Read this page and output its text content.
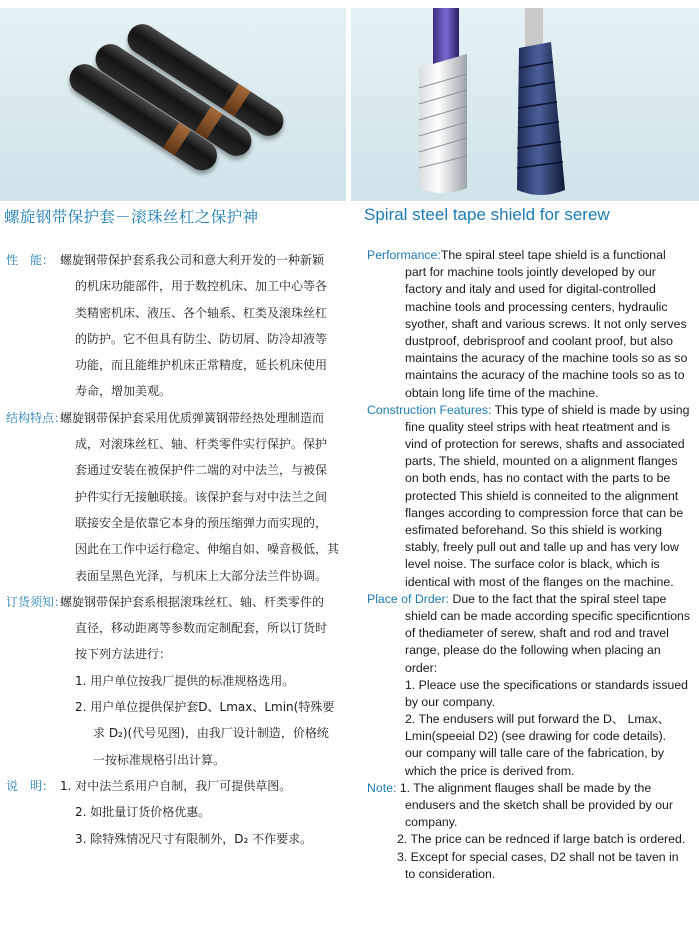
螺旋钢带保护套－滚珠丝杠之保护神	Spiral steel tape shield for serew
性　能： 螺旋钢带保护套系我公司和意大利开发的一种新颖
的机床功能部件，用于数控机床、加工中心等各
类精密机床、液压、各个轴系、杠类及滚珠丝杠
的防护。它不但具有防尘、防切屑、防冷却液等
功能，而且能维护机床正常精度，延长机床使用
寿命，增加美观。
结构特点：
螺旋钢带保护套采用优质弹簧钢带经热处理制造而
成，对滚珠丝杠、轴、杆类零件实行保护。保护
套通过安装在被保护件二端的对中法兰，与被保
护件实行无接触联接。该保护套与对中法兰之间
联接安全是依靠它本身的预压缩弹力而实现的，
因此在工作中运行稳定、伸缩自如、噪音极低，其
表面呈黑色光泽，与机床上大部分法兰件协调。
订货须知：
螺旋钢带保护套系根据滚珠丝杠、轴、杆类零件的
直径，移动距离等参数而定制配套，所以订货时
按下列方法进行：
1. 用户单位按我厂提供的标准规格选用。
2. 用户单位提供保护套D、Lmax、Lmin(特殊要
求 D₂)(代号见图)，由我厂设计制造，价格统
一按标准规格引出计算。
说　明： 1. 对中法兰系用户自制，我厂可提供草图。
2. 如批量订货价格优惠。
3. 除特殊情况尺寸有限制外，D₂ 不作要求。
Performance:The spiral steel tape shield is a functional
part for machine tools jointly developed by our
factory and italy and used for digital-controlled
machine tools and processing centers, hydraulic
syother, shaft and various screws. It not only serves
dustproof, debrisproof and coolant proof, but also
maintains the acuracy of the machine tools so as so
maintains the acuracy of the machine tools so as to
obtain long life time of the machine.
Construction Features: This type of shield is made by using
fine quality steel strips with heat rteatment and is
vind of protection for serews, shafts and associated
parts, The shield, mounted on a alignment flanges
on both ends, has no contact with the parts to be
protected This shield is conneited to the alignment
flanges according to compression force that can be
esfimated beforehand. So this shield is working
stably, freely pull out and talle up and has very low
level noise. The surface color is black, which is
identical with most of the flanges on the machine.
Place of Drder: Due to the fact that the spiral steel tape
shield can be made according specific specificntions
of thediameter of serew, shaft and rod and travel
range, please do the following when placing an
order:
1. Pleace use the specifications or standards issued
by our company.
2. The endusers will put forward the D、 Lmax、
Lmin(speeial D2) (see drawing for code details).
our company will talle care of the fabrication, by
which the price is derived from.
Note: 1. The alignment flauges shall be made by the
endusers and the sketch shall be provided by our
company.
2. The price can be rednced if large batch is ordered.
3. Except for special cases, D2 shall not be taven in
to consideration.
